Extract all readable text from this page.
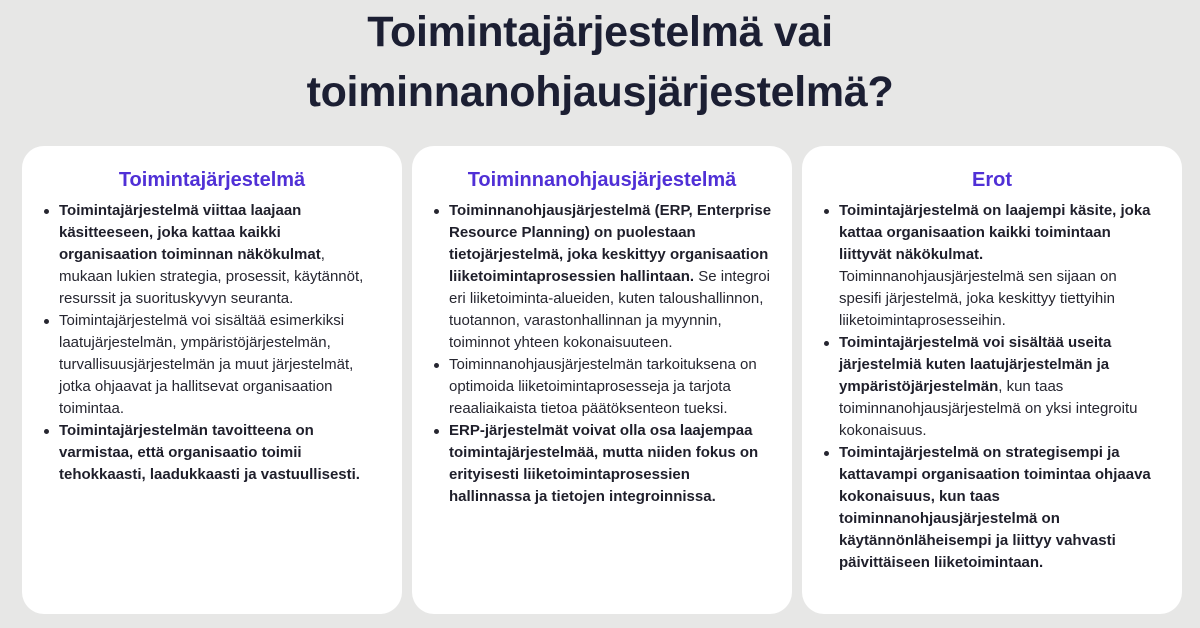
Toimintajärjestelmä vai
toiminnanohjausjärjestelmä?
Toimintajärjestelmä
Toimintajärjestelmä viittaa laajaan käsitteeseen, joka kattaa kaikki organisaation toiminnan näkökulmat, mukaan lukien strategia, prosessit, käytännöt, resurssit ja suorituskyvyn seuranta.
Toimintajärjestelmä voi sisältää esimerkiksi laatujärjestelmän, ympäristöjärjestelmän, turvallisuusjärjestelmän ja muut järjestelmät, jotka ohjaavat ja hallitsevat organisaation toimintaa.
Toimintajärjestelmän tavoitteena on varmistaa, että organisaatio toimii tehokkaasti, laadukkaasti ja vastuullisesti.
Toiminnanohjausjärjestelmä
Toiminnanohjausjärjestelmä (ERP, Enterprise Resource Planning) on puolestaan tietojärjestelmä, joka keskittyy organisaation liiketoimintaprosessien hallintaan. Se integroi eri liiketoiminta-alueiden, kuten taloushallinnon, tuotannon, varastonhallinnan ja myynnin, toiminnot yhteen kokonaisuuteen.
Toiminnanohjausjärjestelmän tarkoituksena on optimoida liiketoimintaprosesseja ja tarjota reaaliaikaista tietoa päätöksenteon tueksi.
ERP-järjestelmät voivat olla osa laajempaa toimintajärjestelmää, mutta niiden fokus on erityisesti liiketoimintaprosessien hallinnassa ja tietojen integroinnissa.
Erot
Toimintajärjestelmä on laajempi käsite, joka kattaa organisaation kaikki toimintaan liittyvät näkökulmat. Toiminnanohjausjärjestelmä sen sijaan on spesifi järjestelmä, joka keskittyy tiettyihin liiketoimintaprosesseihin.
Toimintajärjestelmä voi sisältää useita järjestelmiä kuten laatujärjestelmän ja ympäristöjärjestelmän, kun taas toiminnanohjausjärjestelmä on yksi integroitu kokonaisuus.
Toimintajärjestelmä on strategisempi ja kattavampi organisaation toimintaa ohjaava kokonaisuus, kun taas toiminnanohjausjärjestelmä on käytännönläheisempi ja liittyy vahvasti päivittäiseen liiketoimintaan.
